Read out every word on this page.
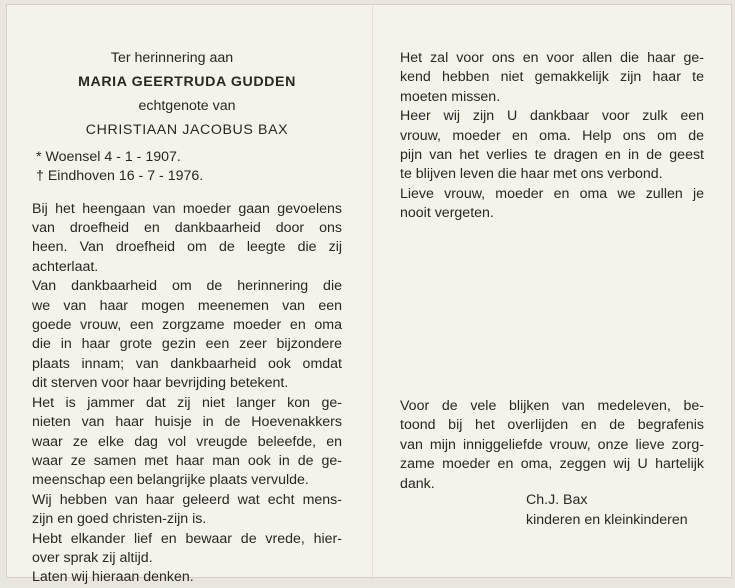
Ter herinnering aan
MARIA GEERTRUDA GUDDEN
echtgenote van
CHRISTIAAN JACOBUS BAX
* Woensel 4 - 1 - 1907.
† Eindhoven 16 - 7 - 1976.
Bij het heengaan van moeder gaan gevoelens
van droefheid en dankbaarheid door ons
heen. Van droefheid om de leegte die zij
achterlaat.
Van dankbaarheid om de herinnering die
we van haar mogen meenemen van een
goede vrouw, een zorgzame moeder en oma
die in haar grote gezin een zeer bijzondere
plaats innam; van dankbaarheid ook omdat
dit sterven voor haar bevrijding betekent.
Het is jammer dat zij niet langer kon ge-
nieten van haar huisje in de Hoevenakkers
waar ze elke dag vol vreugde beleefde, en
waar ze samen met haar man ook in de ge-
meenschap een belangrijke plaats vervulde.
Wij hebben van haar geleerd wat echt mens-
zijn en goed christen-zijn is.
Hebt elkander lief en bewaar de vrede, hier-
over sprak zij altijd.
Laten wij hieraan denken.
Het zal voor ons en voor allen die haar ge-
kend hebben niet gemakkelijk zijn haar te
moeten missen.
Heer wij zijn U dankbaar voor zulk een
vrouw, moeder en oma. Help ons om de
pijn van het verlies te dragen en in de geest
te blijven leven die haar met ons verbond.
Lieve vrouw, moeder en oma we zullen je
nooit vergeten.
Voor de vele blijken van medeleven, be-
toond bij het overlijden en de begrafenis
van mijn inniggeliefde vrouw, onze lieve zorg-
zame moeder en oma, zeggen wij U hartelijk
dank.
Ch.J. Bax
kinderen en kleinkinderen
